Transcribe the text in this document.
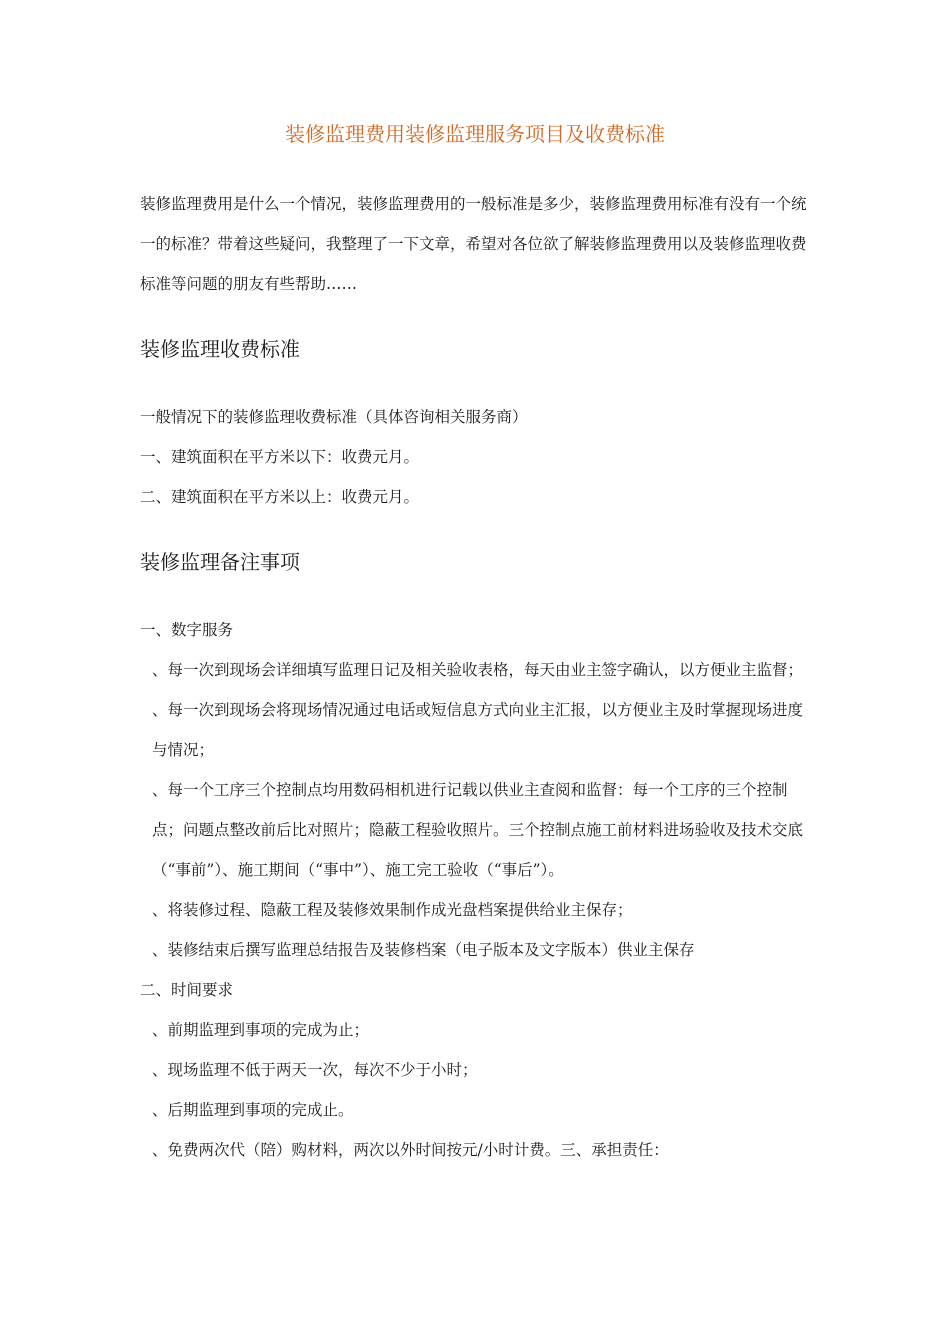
装修监理费用装修监理服务项目及收费标准
装修监理费用是什么一个情况，装修监理费用的一般标准是多少，装修监理费用标准有没有一个统一的标准？带着这些疑问，我整理了一下文章，希望对各位欲了解装修监理费用以及装修监理收费标准等问题的朋友有些帮助……
装修监理收费标准

一般情况下的装修监理收费标准（具体咨询相关服务商）

一、建筑面积在平方米以下：收费元月。

二、建筑面积在平方米以上：收费元月。

装修监理备注事项

一、数字服务

、每一次到现场会详细填写监理日记及相关验收表格，每天由业主签字确认，以方便业主监督；

、每一次到现场会将现场情况通过电话或短信息方式向业主汇报，以方便业主及时掌握现场进度与情况；

、每一个工序三个控制点均用数码相机进行记载以供业主查阅和监督：每一个工序的三个控制点；问题点整改前后比对照片；隐蔽工程验收照片。三个控制点施工前材料进场验收及技术交底（“事前”）、施工期间（“事中”）、施工完工验收（“事后”）。

、将装修过程、隐蔽工程及装修效果制作成光盘档案提供给业主保存；

、装修结束后撰写监理总结报告及装修档案（电子版本及文字版本）供业主保存

二、时间要求

、前期监理到事项的完成为止；

、现场监理不低于两天一次，每次不少于小时；

、后期监理到事项的完成止。

、免费两次代（陪）购材料，两次以外时间按元/小时计费。三、承担责任：
